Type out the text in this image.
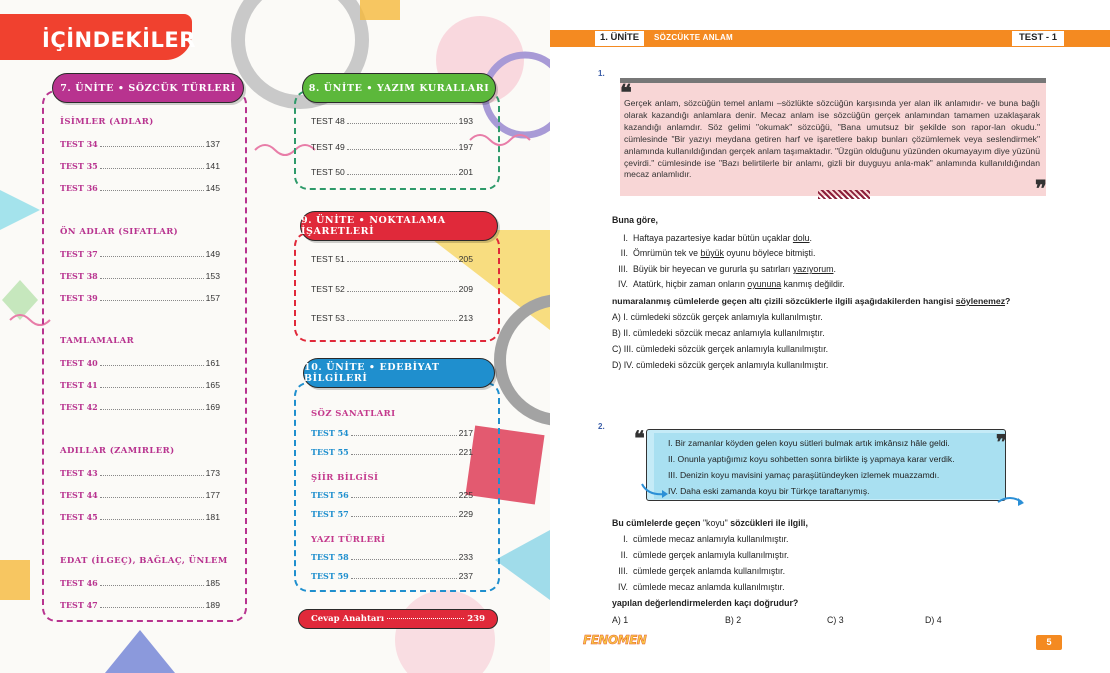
İÇİNDEKİLER
7. ÜNİTE • SÖZCÜK TÜRLERİ
İSİMLER (ADLAR)
TEST 34	137
TEST 35	141
TEST 36	145
ÖN ADLAR (SIFATLAR)
TEST 37	149
TEST 38	153
TEST 39	157
TAMLAMALAR
TEST 40	161
TEST 41	165
TEST 42	169
ADILLAR (ZAMIRLER)
TEST 43	173
TEST 44	177
TEST 45	181
EDAT (İLGEÇ), BAĞLAÇ, ÜNLEM
TEST 46	185
TEST 47	189
8. ÜNİTE • YAZIM KURALLARI
TEST 48	193
TEST 49	197
TEST 50	201
9. ÜNİTE • NOKTALAMA İŞARETLERİ
TEST 51	205
TEST 52	209
TEST 53	213
10. ÜNİTE • EDEBİYAT BİLGİLERİ
SÖZ SANATLARI
TEST 54	217
TEST 55	221
ŞİİR BİLGİSİ
TEST 56	225
TEST 57	229
YAZI TÜRLERİ
TEST 58	233
TEST 59	237
Cevap Anahtarı	239
1. ÜNİTE	SÖZCÜKTE ANLAM	TEST - 1
1.
Gerçek anlam, sözcüğün temel anlamı –sözlükte sözcüğün karşısında yer alan ilk anlamıdır- ve buna bağlı olarak kazandığı anlamlara denir. Mecaz anlam ise sözcüğün gerçek anlamından tamamen uzaklaşarak kazandığı anlamdır. Söz gelimi "okumak" sözcüğü, "Bana umutsuz bir şekilde son rapor-lan okudu." cümlesinde "Bir yazıyı meydana getiren harf ve işaretlere bakıp bunları çözümlemek veya seslendirmek" anlamında kullanıldığından gerçek anlam taşımaktadır. "Üzgün olduğunu yüzünden okumayayım diye yüzünü çevirdi." cümlesinde ise "Bazı belirtilerle bir anlamı, gizli bir duyguyu anla-mak" anlamında kullanıldığından mecaz anlamlıdır.
❝
❞
Buna göre,
I. Haftaya pazartesiye kadar bütün uçaklar dolu.
II. Ömrümün tek ve büyük oyunu böylece bitmişti.
III. Büyük bir heyecan ve gururla şu satırları yazıyorum.
IV. Atatürk, hiçbir zaman onların oyununa kanmış değildir.
numaralanmış cümlelerde geçen altı çizili sözcüklerle ilgili aşağıdakilerden hangisi söylenemez?
A) I. cümledeki sözcük gerçek anlamıyla kullanılmıştır.
B) II. cümledeki sözcük mecaz anlamıyla kullanılmıştır.
C) III. cümledeki sözcük gerçek anlamıyla kullanılmıştır.
D) IV. cümledeki sözcük gerçek anlamıyla kullanılmıştır.
2. ❝	❞
I. Bir zamanlar köyden gelen koyu sütleri bulmak artık imkânsız hâle geldi.
II. Onunla yaptığımız koyu sohbetten sonra birlikte iş yapmaya karar verdik.
III. Denizin koyu mavisini yamaç paraşütündeyken izlemek muazzamdı.
IV. Daha eski zamanda koyu bir Türkçe taraftarıymış.
Bu cümlelerde geçen "koyu" sözcükleri ile ilgili,
I. cümlede mecaz anlamıyla kullanılmıştır.
II. cümlede gerçek anlamıyla kullanılmıştır.
III. cümlede gerçek anlamda kullanılmıştır.
IV. cümlede mecaz anlamda kullanılmıştır.
yapılan değerlendirmelerden kaçı doğrudur?
A) 1	B) 2	C) 3	D) 4
FENOMEN	5
